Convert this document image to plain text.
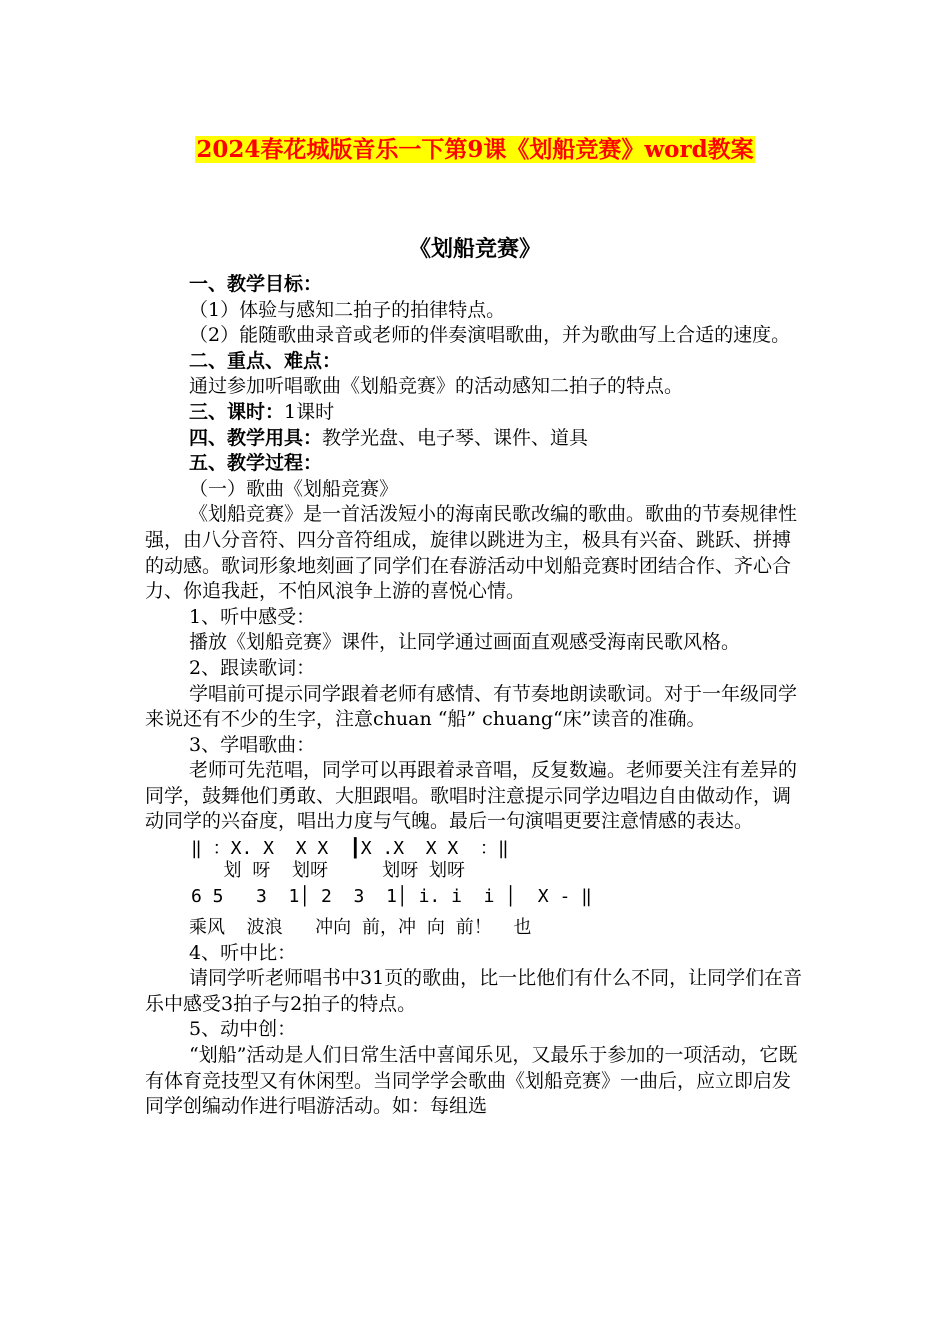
2024春花城版音乐一下第9课《划船竞赛》word教案
《划船竞赛》

一、教学目标：

（1）体验与感知二拍子的拍律特点。

（2）能随歌曲录音或老师的伴奏演唱歌曲，并为歌曲写上合适的速度。

二、重点、难点：

通过参加听唱歌曲《划船竞赛》的活动感知二拍子的特点。

三、课时：1课时

四、教学用具：教学光盘、电子琴、课件、道具

五、教学过程：

（一）歌曲《划船竞赛》

《划船竞赛》是一首活泼短小的海南民歌改编的歌曲。歌曲的节奏规律性强，由八分音符、四分音符组成，旋律以跳进为主，极具有兴奋、跳跃、拼搏的动感。歌词形象地刻画了同学们在春游活动中划船竞赛时团结合作、齐心合力、你追我赶，不怕风浪争上游的喜悦心情。

1、听中感受：

播放《划船竞赛》课件，让同学通过画面直观感受海南民歌风格。

2、跟读歌词：

学唱前可提示同学跟着老师有感情、有节奏地朗读歌词。对于一年级同学来说还有不少的生字，注意chuan “船” chuang“床”读音的准确。

3、学唱歌曲：

老师可先范唱，同学可以再跟着录音唱，反复数遍。老师要关注有差异的同学，鼓舞他们勇敢、大胆跟唱。歌唱时注意提示同学边唱边自由做动作，调动同学的兴奋度，唱出力度与气魄。最后一句演唱更要注意情感的表达。

‖ ：X. X  X X  ┃X .X  X X  ：‖
划 呀  划呀     划呀 划呀
6 5   3  1│ 2  3  1│ i. i  i │  X - ‖

乘风  波浪   冲向 前，冲 向 前！  也

4、听中比：

请同学听老师唱书中31页的歌曲，比一比他们有什么不同，让同学们在音乐中感受3拍子与2拍子的特点。

5、动中创：

“划船”活动是人们日常生活中喜闻乐见，又最乐于参加的一项活动，它既有体育竞技型又有休闲型。当同学学会歌曲《划船竞赛》一曲后，应立即启发同学创编动作进行唱游活动。如：每组选
